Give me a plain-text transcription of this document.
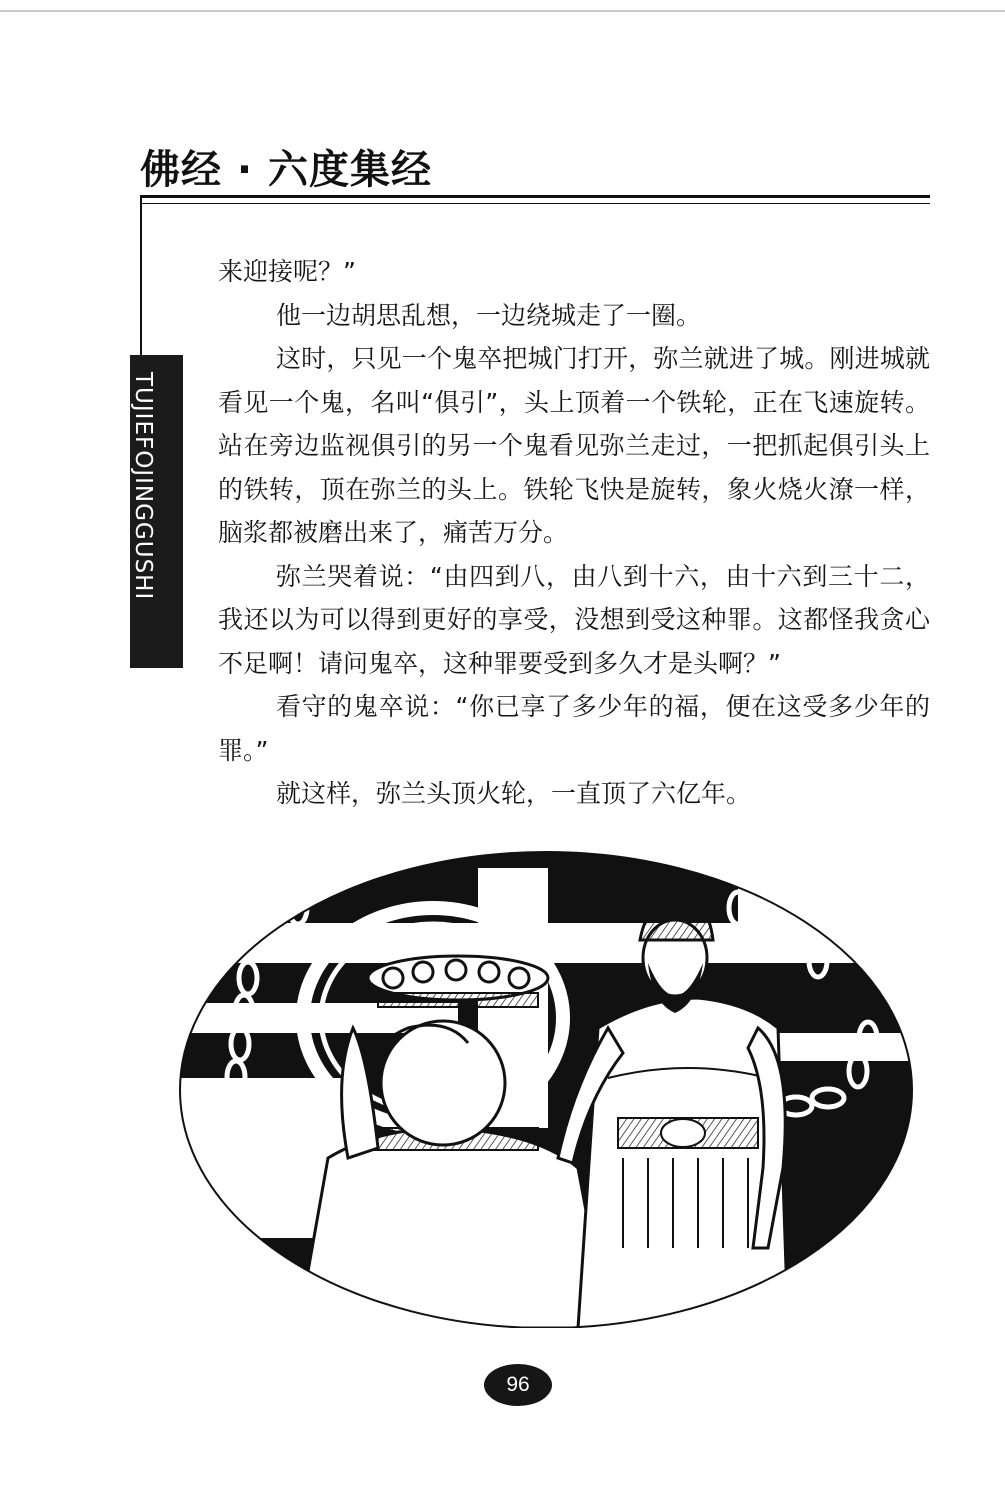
佛经 · 六度集经
TUJIEFOJINGGUSHI

来迎接呢？”

他一边胡思乱想，一边绕城走了一圈。

这时，只见一个鬼卒把城门打开，弥兰就进了城。刚进城就看见一个鬼，名叫“俱引”，头上顶着一个铁轮，正在飞速旋转。站在旁边监视俱引的另一个鬼看见弥兰走过，一把抓起俱引头上的铁转，顶在弥兰的头上。铁轮飞快是旋转，象火烧火潦一样，脑浆都被磨出来了，痛苦万分。

弥兰哭着说：“由四到八，由八到十六，由十六到三十二，我还以为可以得到更好的享受，没想到受这种罪。这都怪我贪心不足啊！请问鬼卒，这种罪要受到多久才是头啊？”

看守的鬼卒说：“你已享了多少年的福，便在这受多少年的罪。”

就这样，弥兰头顶火轮，一直顶了六亿年。

96
